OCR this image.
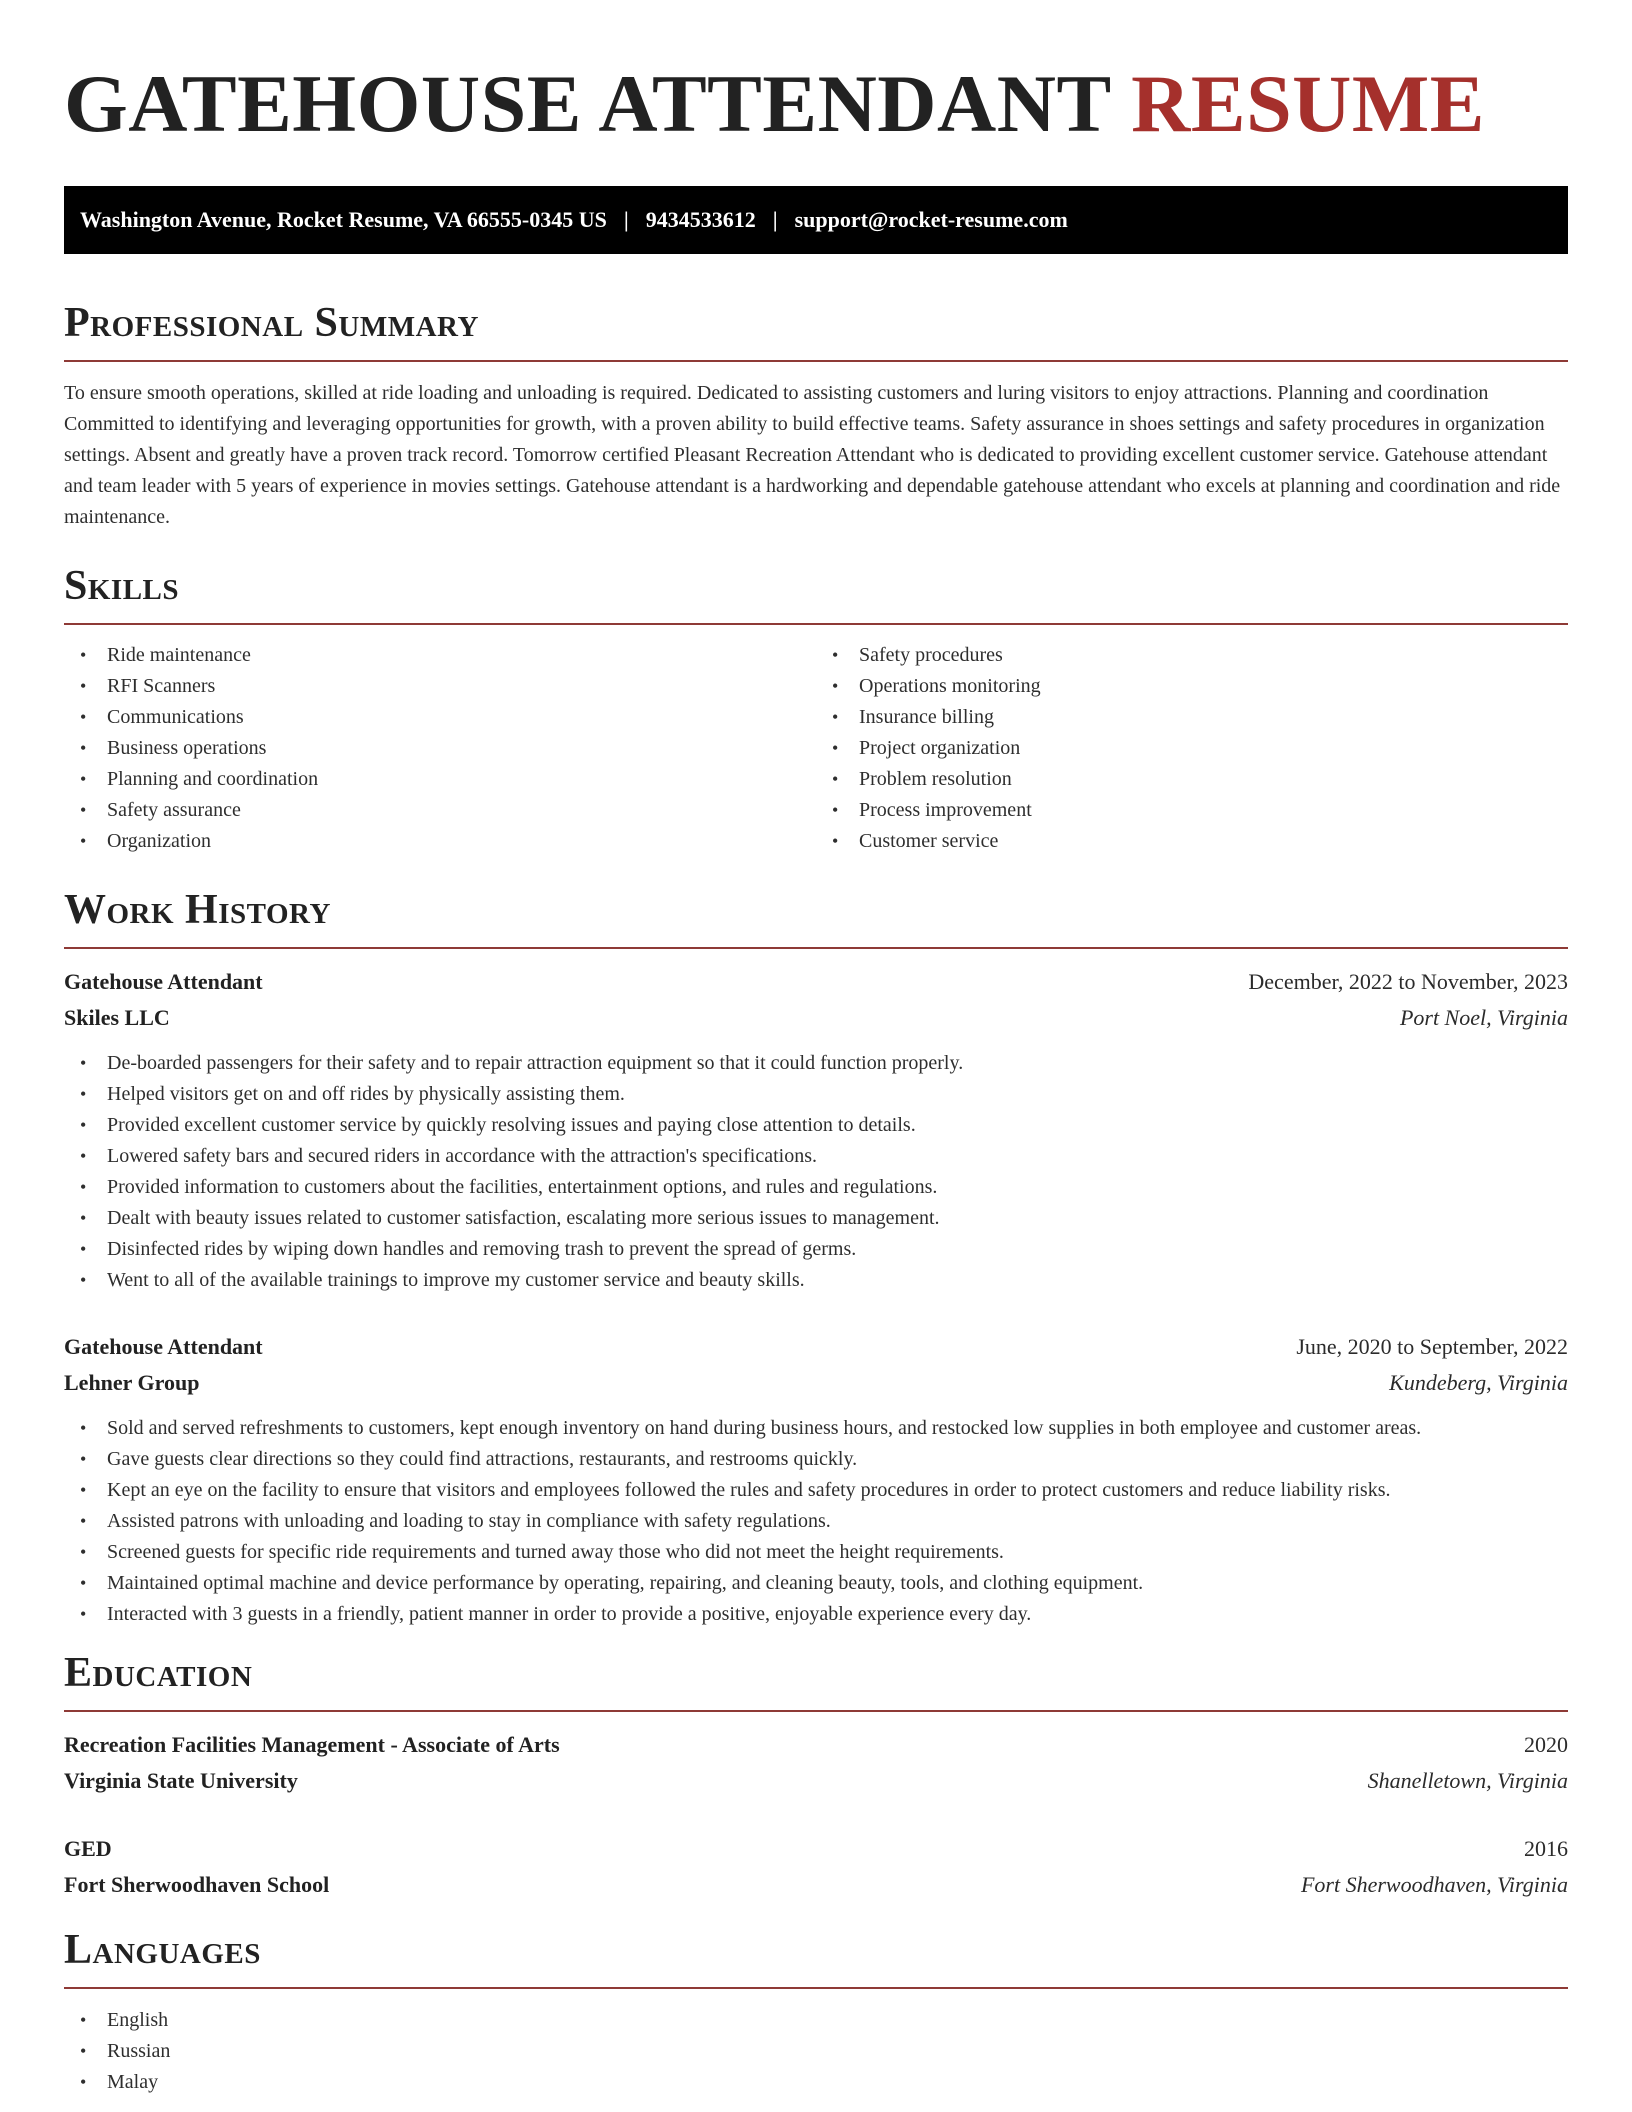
GATEHOUSE ATTENDANT RESUME
Washington Avenue, Rocket Resume, VA 66555-0345 US | 9434533612 | support@rocket-resume.com
Professional Summary

To ensure smooth operations, skilled at ride loading and unloading is required. Dedicated to assisting customers and luring visitors to enjoy attractions. Planning and coordination Committed to identifying and leveraging opportunities for growth, with a proven ability to build effective teams. Safety assurance in shoes settings and safety procedures in organization settings. Absent and greatly have a proven track record. Tomorrow certified Pleasant Recreation Attendant who is dedicated to providing excellent customer service. Gatehouse attendant and team leader with 5 years of experience in movies settings. Gatehouse attendant is a hardworking and dependable gatehouse attendant who excels at planning and coordination and ride maintenance.

Skills
• Ride maintenance
• RFI Scanners
• Communications
• Business operations
• Planning and coordination
• Safety assurance
• Organization
• Safety procedures
• Operations monitoring
• Insurance billing
• Project organization
• Problem resolution
• Process improvement
• Customer service
Work History
Gatehouse Attendant	December, 2022 to November, 2023
Skiles LLC	Port Noel, Virginia
• De-boarded passengers for their safety and to repair attraction equipment so that it could function properly.
• Helped visitors get on and off rides by physically assisting them.
• Provided excellent customer service by quickly resolving issues and paying close attention to details.
• Lowered safety bars and secured riders in accordance with the attraction's specifications.
• Provided information to customers about the facilities, entertainment options, and rules and regulations.
• Dealt with beauty issues related to customer satisfaction, escalating more serious issues to management.
• Disinfected rides by wiping down handles and removing trash to prevent the spread of germs.
• Went to all of the available trainings to improve my customer service and beauty skills.
Gatehouse Attendant	June, 2020 to September, 2022
Lehner Group	Kundeberg, Virginia
• Sold and served refreshments to customers, kept enough inventory on hand during business hours, and restocked low supplies in both employee and customer areas.
• Gave guests clear directions so they could find attractions, restaurants, and restrooms quickly.
• Kept an eye on the facility to ensure that visitors and employees followed the rules and safety procedures in order to protect customers and reduce liability risks.
• Assisted patrons with unloading and loading to stay in compliance with safety regulations.
• Screened guests for specific ride requirements and turned away those who did not meet the height requirements.
• Maintained optimal machine and device performance by operating, repairing, and cleaning beauty, tools, and clothing equipment.
• Interacted with 3 guests in a friendly, patient manner in order to provide a positive, enjoyable experience every day.
Education
Recreation Facilities Management - Associate of Arts	2020
Virginia State University	Shanelletown, Virginia
GED	2016
Fort Sherwoodhaven School	Fort Sherwoodhaven, Virginia
Languages
• English
• Russian
• Malay
